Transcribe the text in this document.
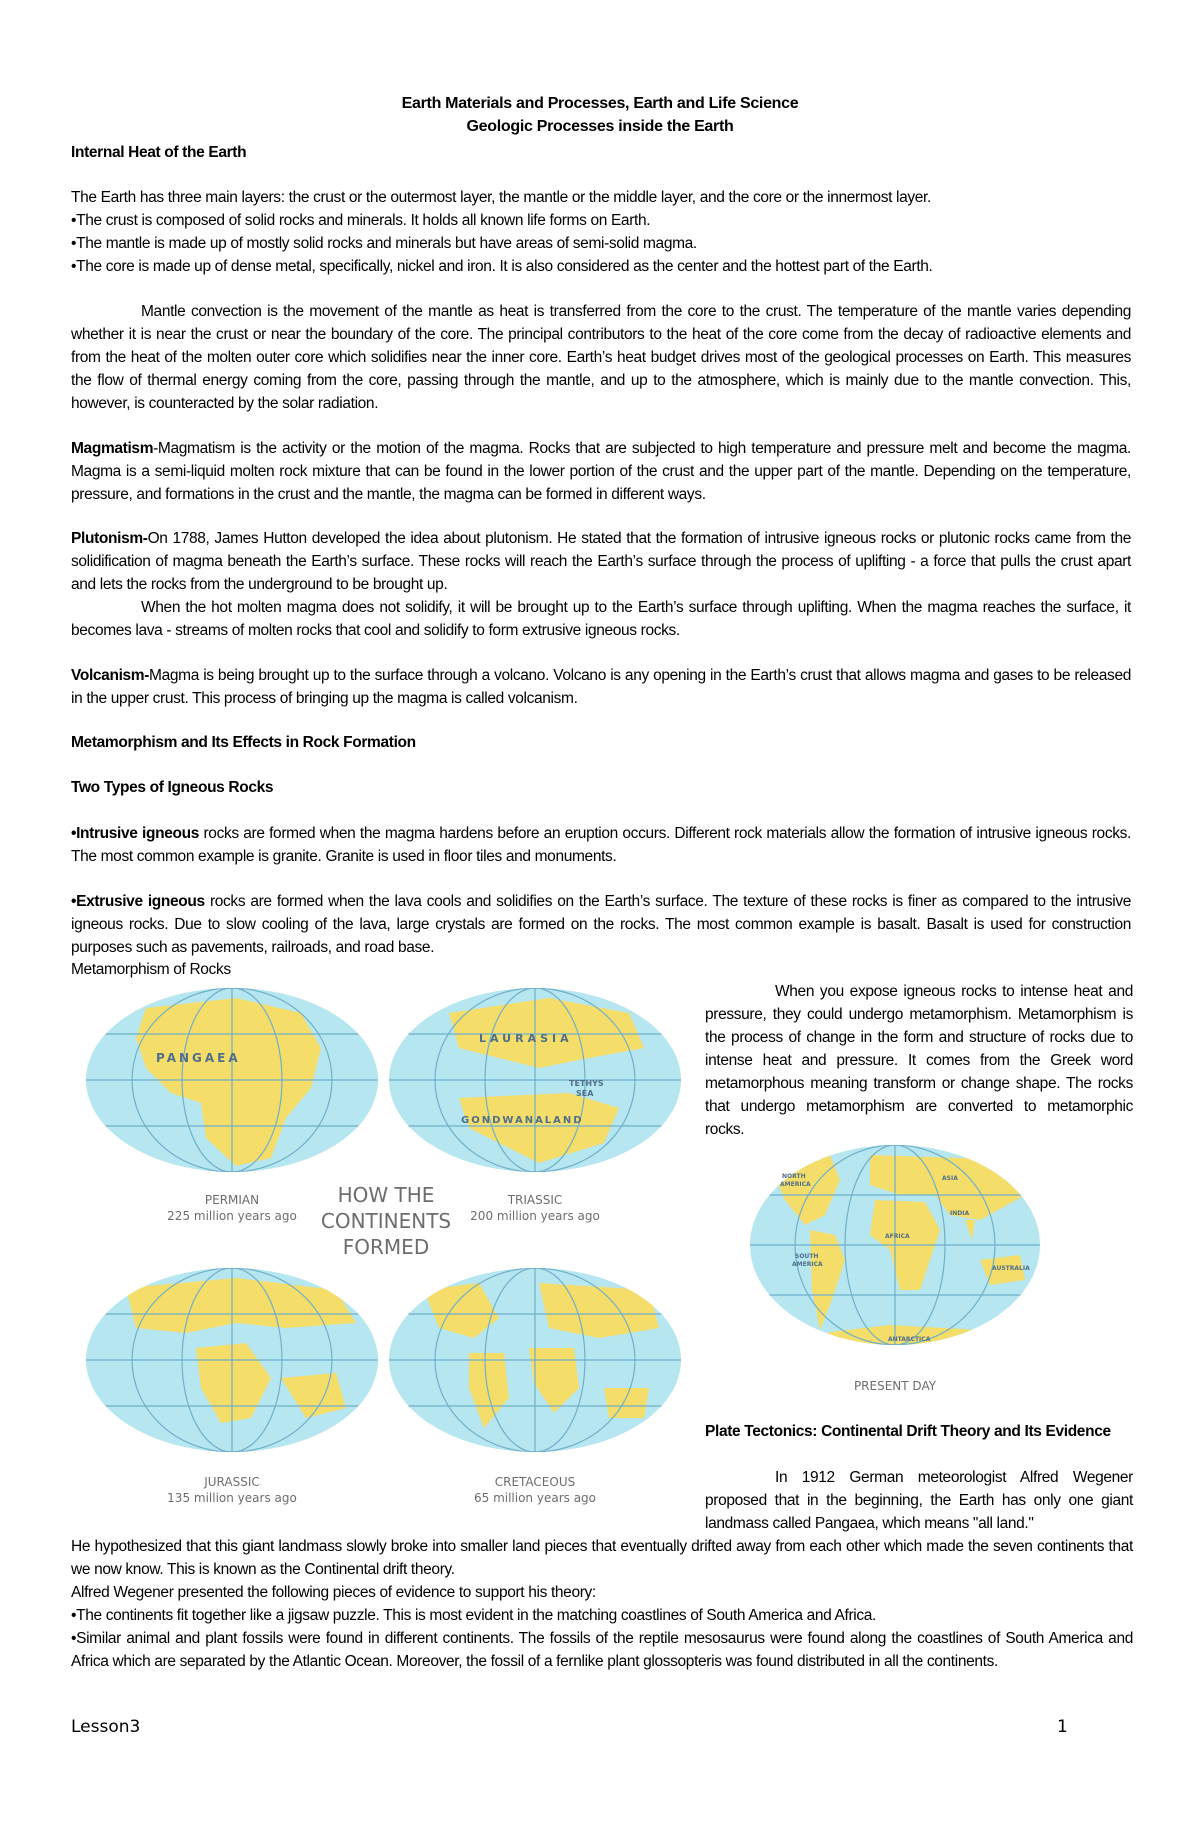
Earth Materials and Processes, Earth and Life Science
Geologic Processes inside the Earth
Internal Heat of the Earth

The Earth has three main layers: the crust or the outermost layer, the mantle or the middle layer, and the core or the innermost layer.

•The crust is composed of solid rocks and minerals. It holds all known life forms on Earth.

•The mantle is made up of mostly solid rocks and minerals but have areas of semi-solid magma.

•The core is made up of dense metal, specifically, nickel and iron. It is also considered as the center and the hottest part of the Earth.

Mantle convection is the movement of the mantle as heat is transferred from the core to the crust. The temperature of the mantle varies depending whether it is near the crust or near the boundary of the core. The principal contributors to the heat of the core come from the decay of radioactive elements and from the heat of the molten outer core which solidifies near the inner core. Earth’s heat budget drives most of the geological processes on Earth. This measures the flow of thermal energy coming from the core, passing through the mantle, and up to the atmosphere, which is mainly due to the mantle convection. This, however, is counteracted by the solar radiation.

Magmatism-Magmatism is the activity or the motion of the magma. Rocks that are subjected to high temperature and pressure melt and become the magma. Magma is a semi-liquid molten rock mixture that can be found in the lower portion of the crust and the upper part of the mantle. Depending on the temperature, pressure, and formations in the crust and the mantle, the magma can be formed in different ways.

Plutonism-On 1788, James Hutton developed the idea about plutonism. He stated that the formation of intrusive igneous rocks or plutonic rocks came from the solidification of magma beneath the Earth’s surface. These rocks will reach the Earth’s surface through the process of uplifting - a force that pulls the crust apart and lets the rocks from the underground to be brought up.

When the hot molten magma does not solidify, it will be brought up to the Earth’s surface through uplifting. When the magma reaches the surface, it becomes lava - streams of molten rocks that cool and solidify to form extrusive igneous rocks.

Volcanism-Magma is being brought up to the surface through a volcano. Volcano is any opening in the Earth’s crust that allows magma and gases to be released in the upper crust. This process of bringing up the magma is called volcanism.

Metamorphism and Its Effects in Rock Formation
Two Types of Igneous Rocks

•Intrusive igneous rocks are formed when the magma hardens before an eruption occurs. Different rock materials allow the formation of intrusive igneous rocks. The most common example is granite. Granite is used in floor tiles and monuments.

•Extrusive igneous rocks are formed when the lava cools and solidifies on the Earth’s surface. The texture of these rocks is finer as compared to the intrusive igneous rocks. Due to slow cooling of the lava, large crystals are formed on the rocks. The most common example is basalt. Basalt is used for construction purposes such as pavements, railroads, and road base.

Metamorphism of Rocks
PANGAEA
LAURASIA
TETHYS
SEA
GONDWANALAND
PERMIAN
225 million years ago
TRIASSIC
200 million years ago
HOW THE
CONTINENTS
FORMED
JURASSIC
135 million years ago
CRETACEOUS
65 million years ago

When you expose igneous rocks to intense heat and pressure, they could undergo metamorphism. Metamorphism is the process of change in the form and structure of rocks due to intense heat and pressure. It comes from the Greek word metamorphous meaning transform or change shape. The rocks that undergo metamorphism are converted to metamorphic rocks.

NORTH
AMERICA
ASIA
INDIA
AFRICA
SOUTH
AMERICA
AUSTRALIA
ANTARCTICA
PRESENT DAY

Plate Tectonics: Continental Drift Theory and Its Evidence

In 1912 German meteorologist Alfred Wegener proposed that in the beginning, the Earth has only one giant landmass called Pangaea, which means "all land."

He hypothesized that this giant landmass slowly broke into smaller land pieces that eventually drifted away from each other which made the seven continents that we now know. This is known as the Continental drift theory.

Alfred Wegener presented the following pieces of evidence to support his theory:

•The continents fit together like a jigsaw puzzle. This is most evident in the matching coastlines of South America and Africa.

•Similar animal and plant fossils were found in different continents. The fossils of the reptile mesosaurus were found along the coastlines of South America and Africa which are separated by the Atlantic Ocean. Moreover, the fossil of a fernlike plant glossopteris was found distributed in all the continents.

Lesson3	1
